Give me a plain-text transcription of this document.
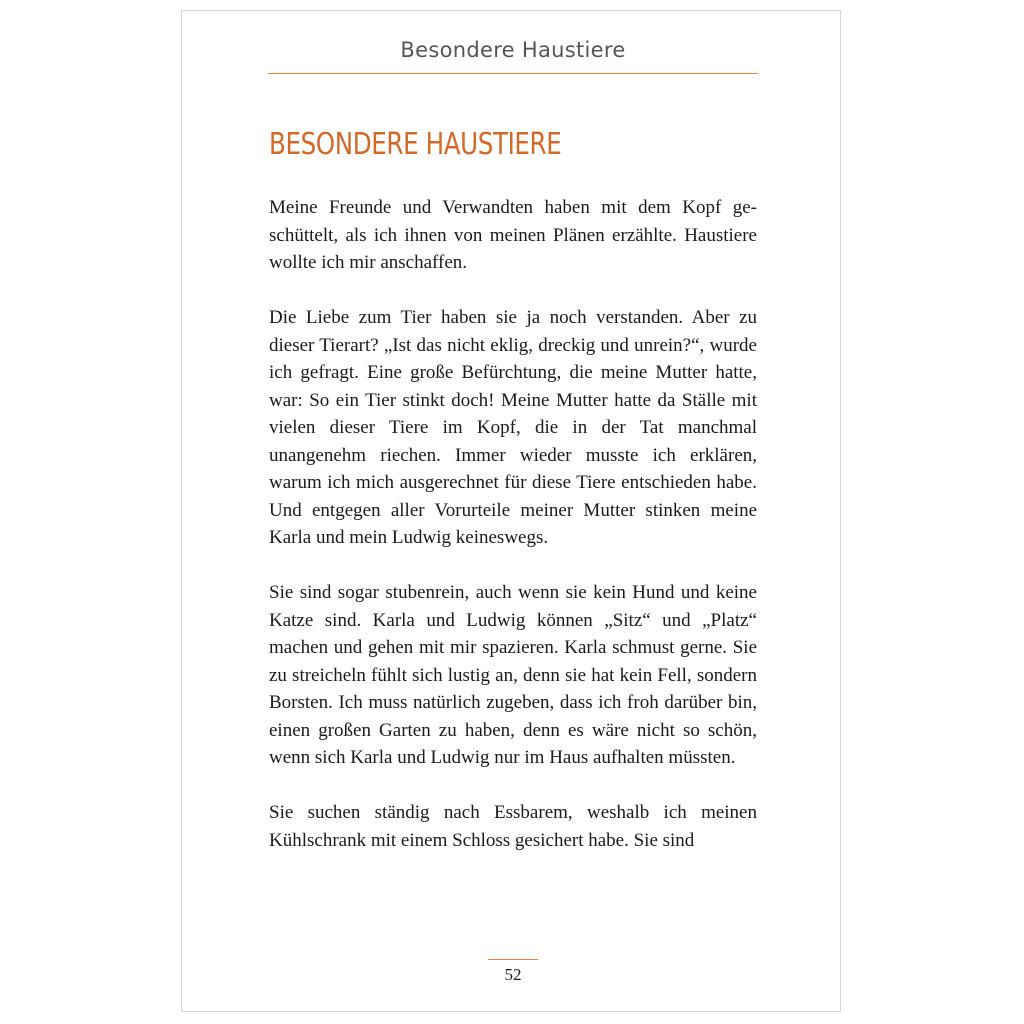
Besondere Haustiere
BESONDERE HAUSTIERE

Meine Freunde und Verwandten haben mit dem Kopf geschüttelt, als ich ihnen von meinen Plänen erzählte. Haustiere wollte ich mir anschaffen.

Die Liebe zum Tier haben sie ja noch verstanden. Aber zu dieser Tierart? „Ist das nicht eklig, dreckig und unrein?“, wurde ich gefragt. Eine große Befürchtung, die meine Mutter hatte, war: So ein Tier stinkt doch! Meine Mutter hatte da Ställe mit vielen dieser Tiere im Kopf, die in der Tat manchmal unangenehm riechen. Immer wieder musste ich erklären, warum ich mich ausgerechnet für diese Tiere entschieden habe. Und entgegen aller Vorurteile meiner Mutter stinken meine Karla und mein Ludwig keineswegs.

Sie sind sogar stubenrein, auch wenn sie kein Hund und keine Katze sind. Karla und Ludwig können „Sitz“ und „Platz“ machen und gehen mit mir spazieren. Karla schmust gerne. Sie zu streicheln fühlt sich lustig an, denn sie hat kein Fell, sondern Borsten. Ich muss natürlich zugeben, dass ich froh darüber bin, einen großen Garten zu haben, denn es wäre nicht so schön, wenn sich Karla und Ludwig nur im Haus aufhalten müssten.

Sie suchen ständig nach Essbarem, weshalb ich meinen Kühlschrank mit einem Schloss gesichert habe. Sie sind

52
